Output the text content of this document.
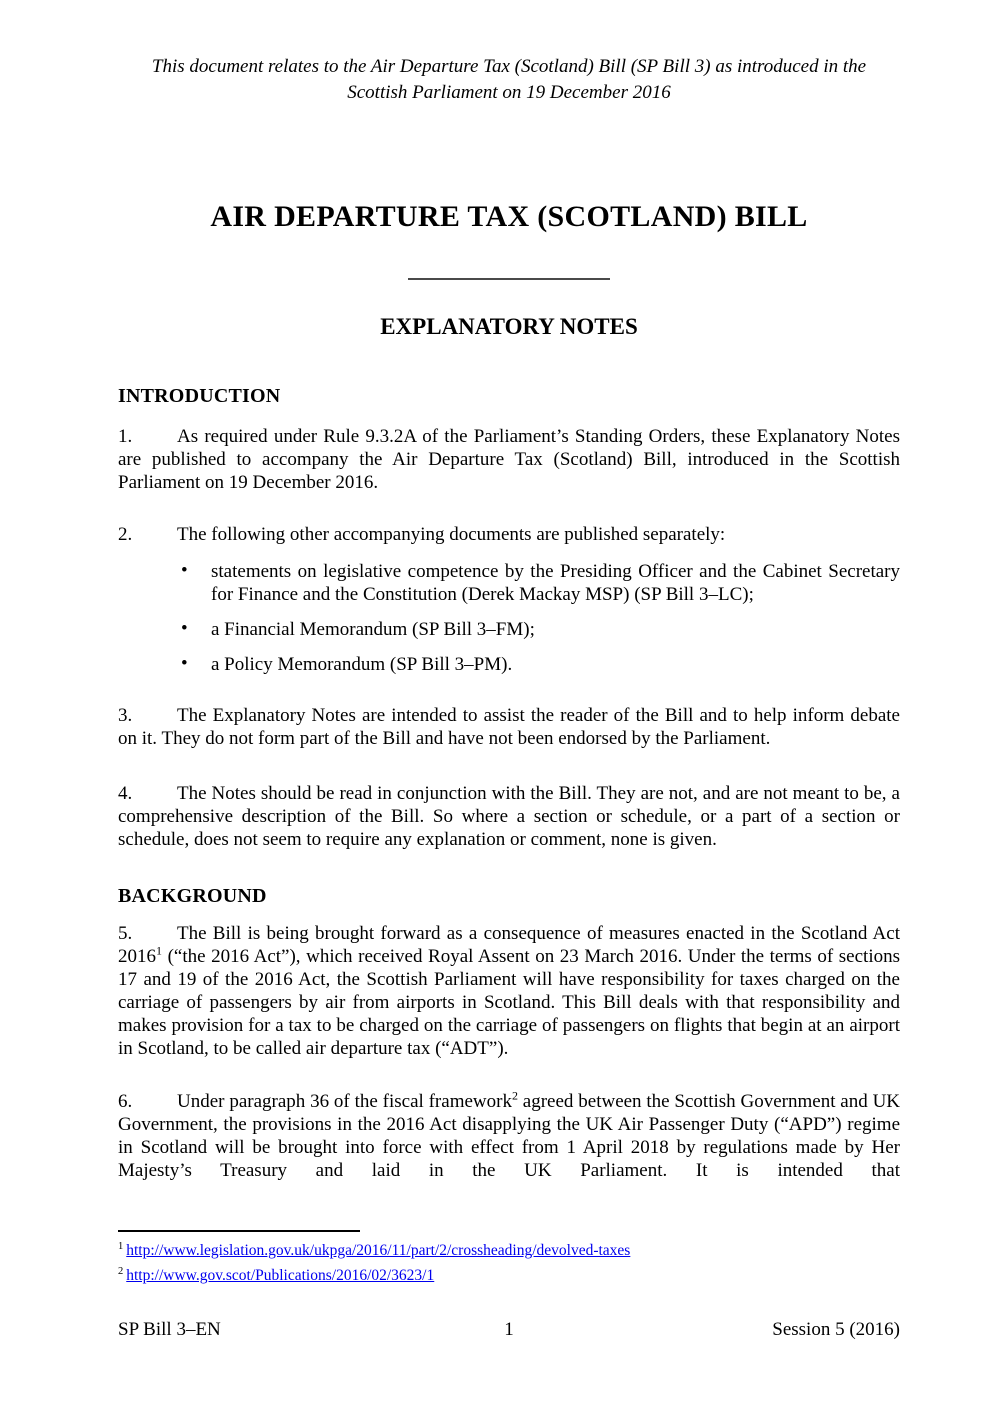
This document relates to the Air Departure Tax (Scotland) Bill (SP Bill 3) as introduced in the Scottish Parliament on 19 December 2016
AIR DEPARTURE TAX (SCOTLAND) BILL
EXPLANATORY NOTES
INTRODUCTION

1. As required under Rule 9.3.2A of the Parliament’s Standing Orders, these Explanatory Notes are published to accompany the Air Departure Tax (Scotland) Bill, introduced in the Scottish Parliament on 19 December 2016.

2. The following other accompanying documents are published separately:

• statements on legislative competence by the Presiding Officer and the Cabinet Secretary for Finance and the Constitution (Derek Mackay MSP) (SP Bill 3–LC);
• a Financial Memorandum (SP Bill 3–FM);
• a Policy Memorandum (SP Bill 3–PM).

3. The Explanatory Notes are intended to assist the reader of the Bill and to help inform debate on it. They do not form part of the Bill and have not been endorsed by the Parliament.

4. The Notes should be read in conjunction with the Bill. They are not, and are not meant to be, a comprehensive description of the Bill. So where a section or schedule, or a part of a section or schedule, does not seem to require any explanation or comment, none is given.

BACKGROUND

5. The Bill is being brought forward as a consequence of measures enacted in the Scotland Act 2016$^1$ (“the 2016 Act”), which received Royal Assent on 23 March 2016. Under the terms of sections 17 and 19 of the 2016 Act, the Scottish Parliament will have responsibility for taxes charged on the carriage of passengers by air from airports in Scotland. This Bill deals with that responsibility and makes provision for a tax to be charged on the carriage of passengers on flights that begin at an airport in Scotland, to be called air departure tax (“ADT”).

6. Under paragraph 36 of the fiscal framework$^2$ agreed between the Scottish Government and UK Government, the provisions in the 2016 Act disapplying the UK Air Passenger Duty (“APD”) regime in Scotland will be brought into force with effect from 1 April 2018 by regulations made by Her Majesty’s Treasury and laid in the UK Parliament. It is intended that

$^1$ http://www.legislation.gov.uk/ukpga/2016/11/part/2/crossheading/devolved-taxes
$^2$ http://www.gov.scot/Publications/2016/02/3623/1
SP Bill 3–EN	1	Session 5 (2016)
